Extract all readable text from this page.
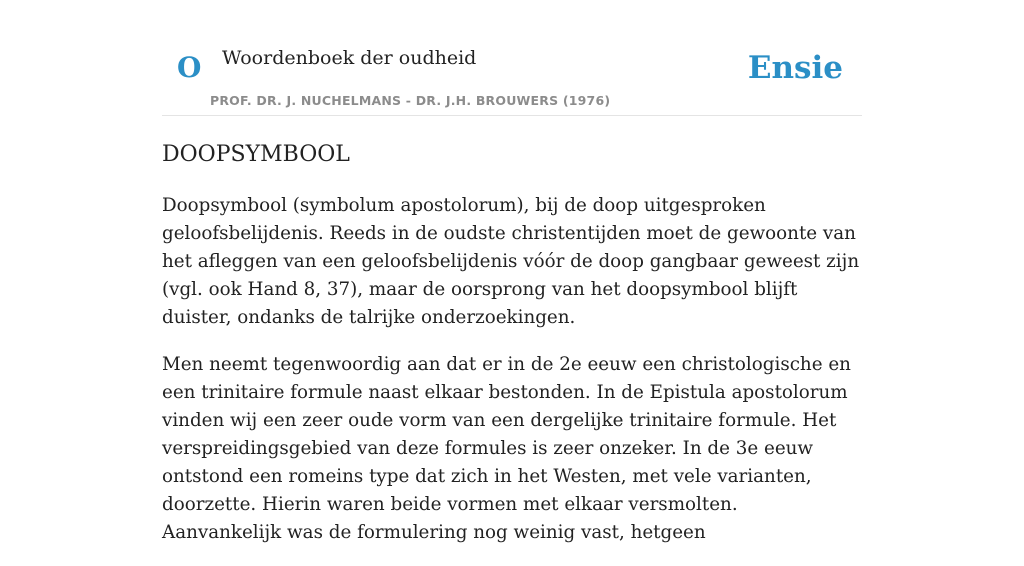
O Woordenboek der oudheid
PROF. DR. J. NUCHELMANS - DR. J.H. BROUWERS (1976)
Ensie
DOOPSYMBOOL

Doopsymbool (symbolum apostolorum), bij de doop uitgesproken geloofsbelijdenis. Reeds in de oudste christentijden moet de gewoonte van het afleggen van een geloofsbelijdenis vóór de doop gangbaar geweest zijn (vgl. ook Hand 8, 37), maar de oorsprong van het doopsymbool blijft duister, ondanks de talrijke onderzoekingen.

Men neemt tegenwoordig aan dat er in de 2e eeuw een christologische en een trinitaire formule naast elkaar bestonden. In de Epistula apostolorum vinden wij een zeer oude vorm van een dergelijke trinitaire formule. Het verspreidingsgebied van deze formules is zeer onzeker. In de 3e eeuw ontstond een romeins type dat zich in het Westen, met vele varianten, doorzette. Hierin waren beide vormen met elkaar versmolten. Aanvankelijk was de formulering nog weinig vast, hetgeen
